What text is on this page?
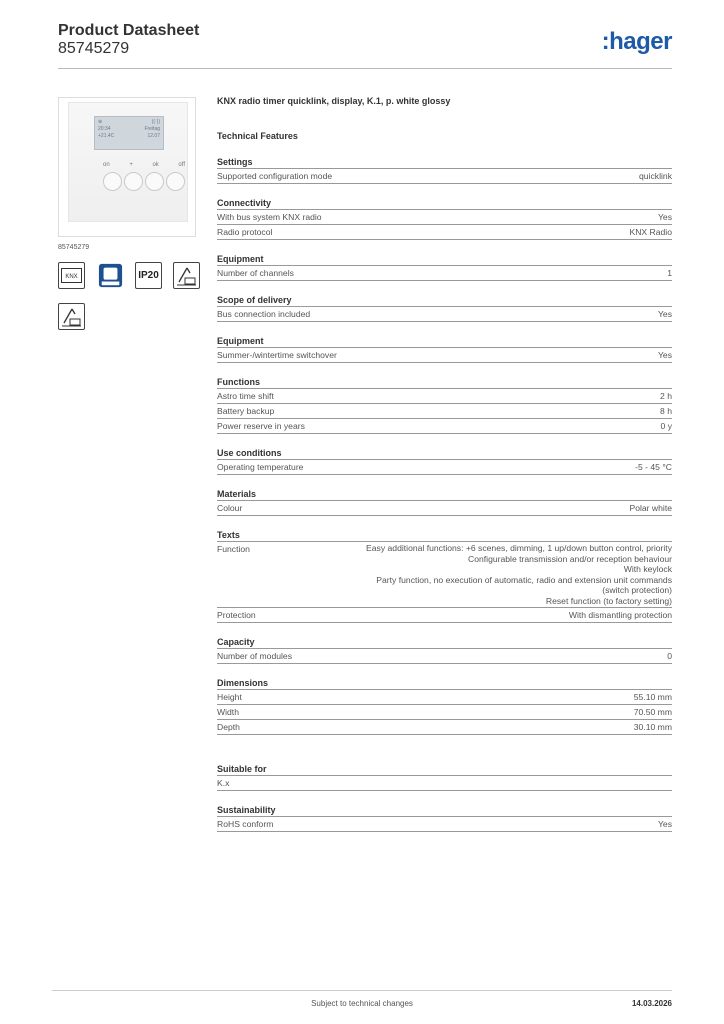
Product Datasheet
85745279	:hager
⊕	((·))
20:34	Freitag
+21.4C	12.07
on	+	ok	off
85745279
KNX	IP20
KNX radio timer quicklink, display, K.1, p. white glossy
Technical Features
Settings
Supported configuration mode	quicklink
Connectivity
With bus system KNX radio	Yes
Radio protocol	KNX Radio
Equipment
Number of channels	1
Scope of delivery
Bus connection included	Yes
Equipment
Summer-/wintertime switchover	Yes
Functions
Astro time shift	2 h
Battery backup	8 h
Power reserve in years	0 y
Use conditions
Operating temperature	-5 - 45 °C
Materials
Colour	Polar white
Texts
Function	Easy additional functions: +6 scenes, dimming, 1 up/down button control, priority
Configurable transmission and/or reception behaviour
With keylock
Party function, no execution of automatic, radio and extension unit commands (switch protection)
Reset function (to factory setting)
Protection	With dismantling protection
Capacity
Number of modules	0
Dimensions
Height	55.10 mm
Width	70.50 mm
Depth	30.10 mm
Suitable for
K.x
Sustainability
RoHS conform	Yes
Subject to technical changes	14.03.2026
